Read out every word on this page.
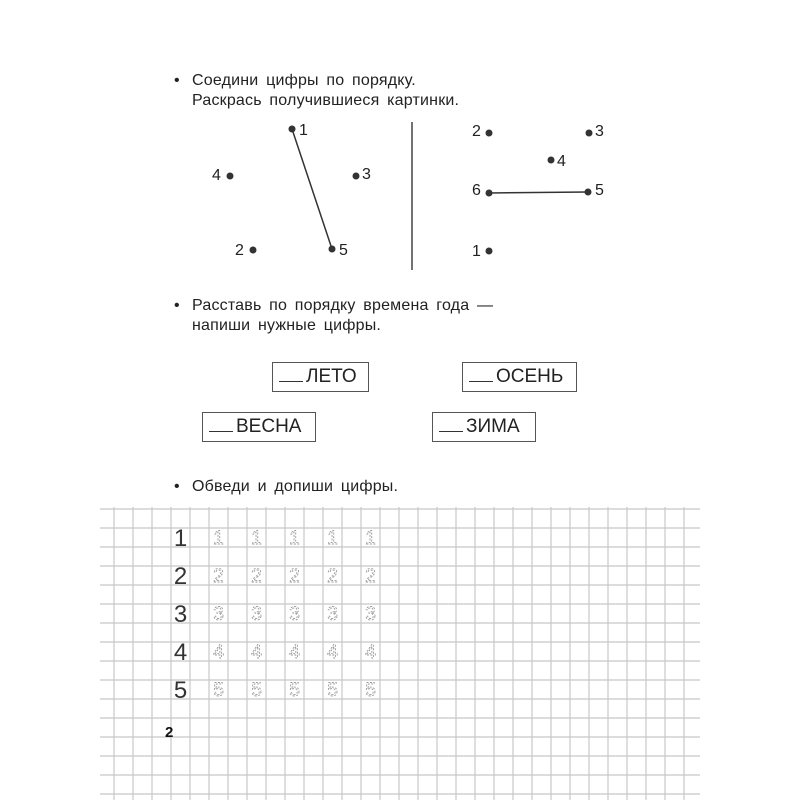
• Соедини цифры по порядку.
Раскрась получившиеся картинки.
1
2
3
4
5	1
2	3
4
5
6
• Расставь по порядку времена года —
напиши нужные цифры.
ЛЕТО	ОСЕНЬ
ВЕСНА	ЗИМА
• Обведи и допиши цифры.
1 1 1 1 1 1
2 2 2 2 2 2
3 3 3 3 3 3
4 4 4 4 4 4
5 5 5 5 5 5
2
